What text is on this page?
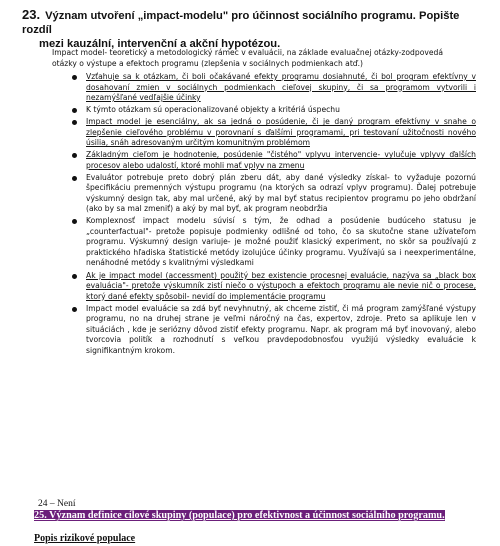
23. Význam utvoření „impact-modelu" pro účinnost sociálního programu. Popište rozdíl
mezi kauzální, intervenční a akční hypotézou.
Impact model- teoretický a metodologický rámec v evaluácii, na základe evaluačnej otázky-zodpovedá otázky o výstupe a efektoch programu (zlepšenia v sociálnych podmienkach atď.)
Vzťahuje sa k otázkam, či boli očakávané efekty programu dosiahnuté, či bol program efektívny v dosahovaní zmien v sociálnych podmienkach cieľovej skupiny, či sa programom vytvorili i nezamýšľané vedľajšie účinky
K týmto otázkam sú operacionalizované objekty a kritériá úspechu
Impact model je esenciálny, ak sa jedná o posúdenie, či je daný program efektívny v snahe o zlepšenie cieľového problému v porovnaní s ďalšími programami, pri testovaní užitočnosti nového úsilia, snáh adresovaným určitým komunitným problémom
Základným cieľom je hodnotenie, posúdenie "čistého" vplyvu intervencie- vylučuje vplyvy ďalších procesov alebo udalostí, ktoré mohli mať vplyv na zmenu
Evaluátor potrebuje preto dobrý plán zberu dát, aby dané výsledky získal- to vyžaduje pozornú špecifikáciu premenných výstupu programu (na ktorých sa odrazí vplyv programu). Ďalej potrebuje výskumný design tak, aby mal určené, aký by mal byť status recipientov programu po jeho obdržaní (ako by sa mal zmeniť) a aký by mal byť, ak program neobdržia
Komplexnosť impact modelu súvisí s tým, že odhad a posúdenie budúceho statusu je „counterfactual"- pretože popisuje podmienky odlišné od toho, čo sa skutočne stane užívateľom programu. Výskumný design variuje- je možné použiť klasický experiment, no skôr sa používajú z praktického hľadiska štatistické metódy izolujúce účinky programu. Využívajú sa i neexperimentálne, nenáhodné metódy s kvalitnými výsledkami
Ak je impact model (accessment) použitý bez existencie procesnej evaluácie, nazýva sa „black box evaluácia"- pretože výskumník zistí niečo o výstupoch a efektoch programu ale nevie nič o procese, ktorý dané efekty spôsobil- nevidí do implementácie programu
Impact model evaluácie sa zdá byť nevyhnutný, ak chceme zistiť, či má program zamýšľané výstupy programu, no na druhej strane je veľmi náročný na čas, expertov, zdroje. Preto sa aplikuje len v situáciách , kde je seriózny dôvod zistiť efekty programu. Napr. ak program má byť inovovaný, alebo tvorcovia politík a rozhodnutí s veľkou pravdepodobnosťou využijú výsledky evaluácie k signifikantným krokom.
24 – Není
25. Význam definice cílové skupiny (populace) pro efektivnost a účinnost sociálního programu.
Popis rizikové populace
